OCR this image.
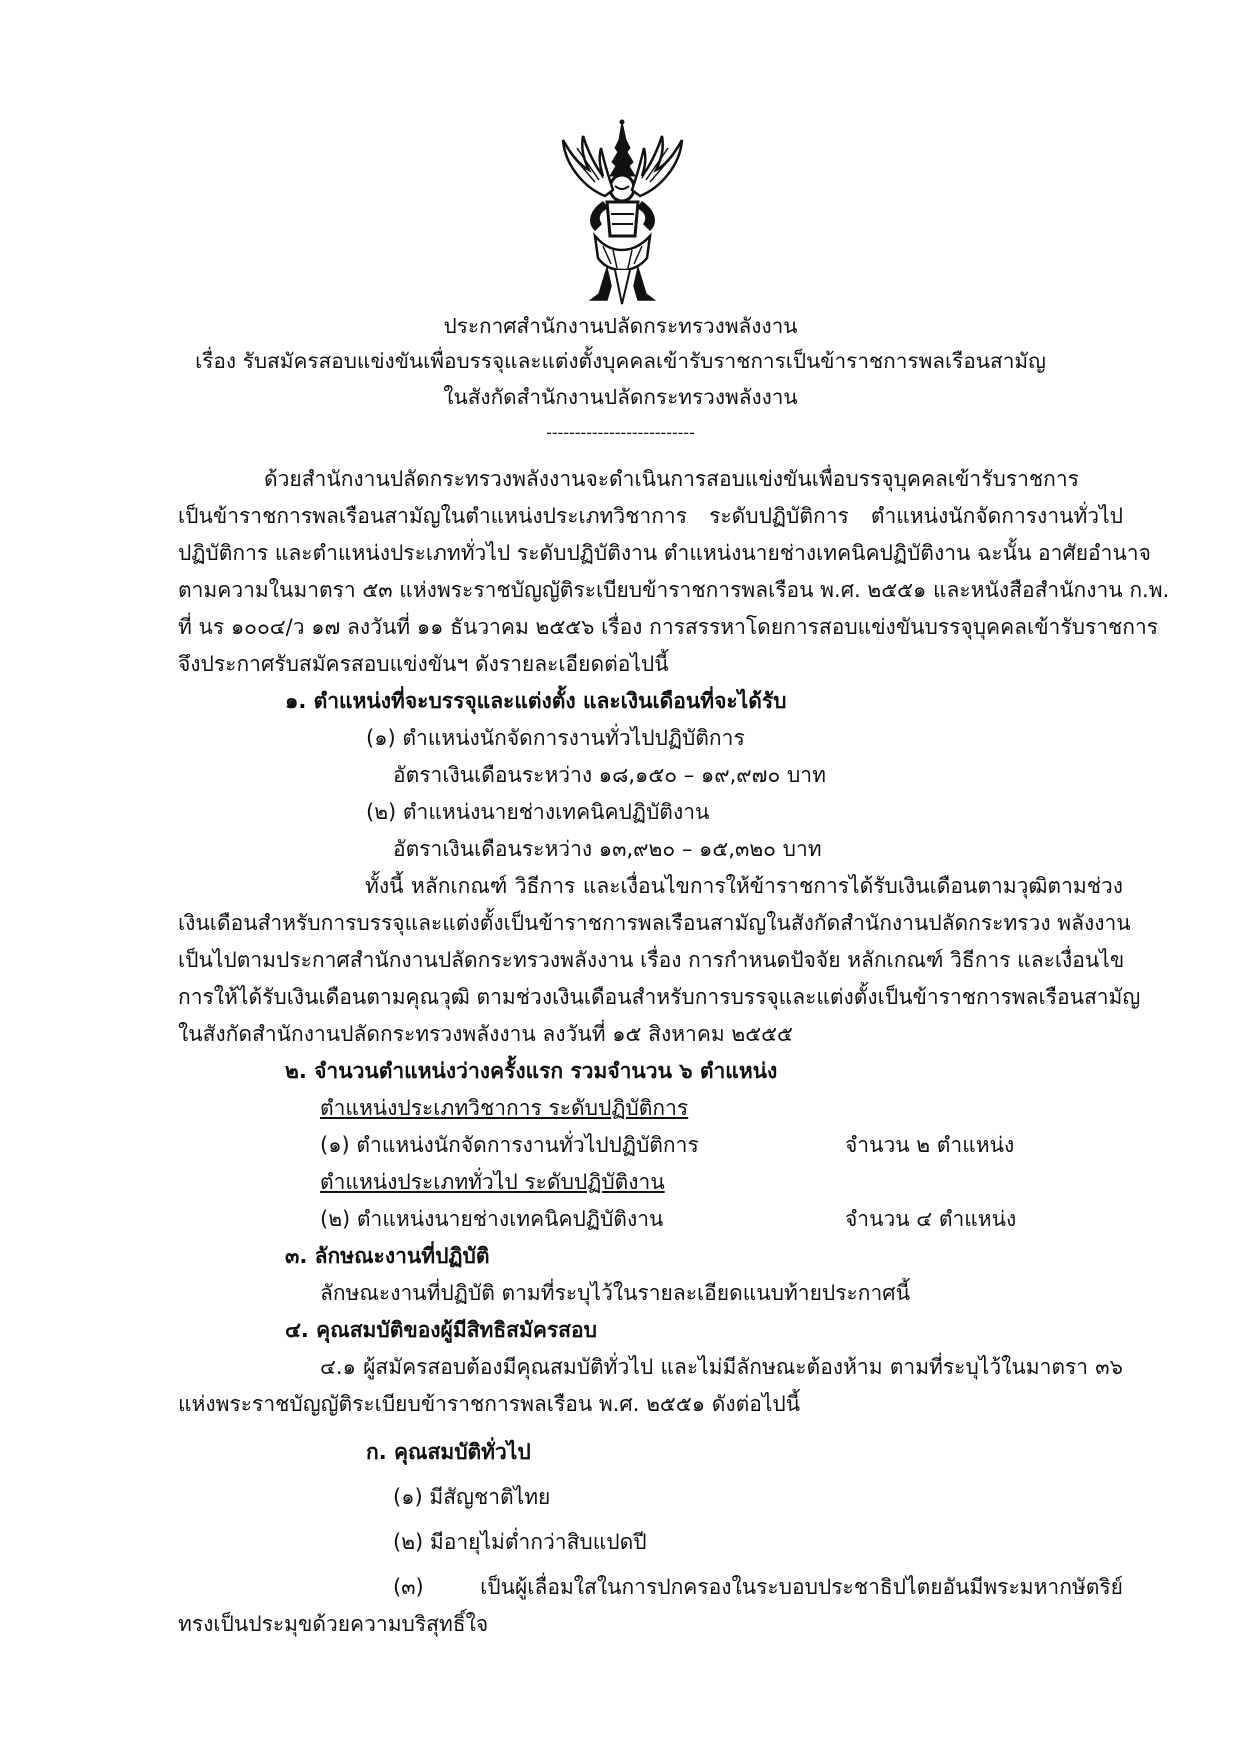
ประกาศสำนักงานปลัดกระทรวงพลังงาน
เรื่อง รับสมัครสอบแข่งขันเพื่อบรรจุและแต่งตั้งบุคคลเข้ารับราชการเป็นข้าราชการพลเรือนสามัญ
ในสังกัดสำนักงานปลัดกระทรวงพลังงาน
--------------------------
ด้วยสำนักงานปลัดกระทรวงพลังงานจะดำเนินการสอบแข่งขันเพื่อบรรจุบุคคลเข้ารับราชการ
เป็นข้าราชการพลเรือนสามัญในตำแหน่งประเภทวิชาการ ระดับปฏิบัติการ ตำแหน่งนักจัดการงานทั่วไป
ปฏิบัติการ และตำแหน่งประเภททั่วไป ระดับปฏิบัติงาน ตำแหน่งนายช่างเทคนิคปฏิบัติงาน ฉะนั้น อาศัยอำนาจ
ตามความในมาตรา ๕๓ แห่งพระราชบัญญัติระเบียบข้าราชการพลเรือน พ.ศ. ๒๕๕๑ และหนังสือสำนักงาน ก.พ.
ที่ นร ๑๐๐๔/ว ๑๗ ลงวันที่ ๑๑ ธันวาคม ๒๕๕๖ เรื่อง การสรรหาโดยการสอบแข่งขันบรรจุบุคคลเข้ารับราชการ
จึงประกาศรับสมัครสอบแข่งขันฯ ดังรายละเอียดต่อไปนี้
๑. ตำแหน่งที่จะบรรจุและแต่งตั้ง และเงินเดือนที่จะได้รับ
(๑) ตำแหน่งนักจัดการงานทั่วไปปฏิบัติการ
อัตราเงินเดือนระหว่าง ๑๘,๑๕๐ – ๑๙,๙๗๐ บาท
(๒) ตำแหน่งนายช่างเทคนิคปฏิบัติงาน
อัตราเงินเดือนระหว่าง ๑๓,๙๒๐ – ๑๕,๓๒๐ บาท
ทั้งนี้ หลักเกณฑ์ วิธีการ และเงื่อนไขการให้ข้าราชการได้รับเงินเดือนตามวุฒิตามช่วง
เงินเดือนสำหรับการบรรจุและแต่งตั้งเป็นข้าราชการพลเรือนสามัญในสังกัดสำนักงานปลัดกระทรวง พลังงาน
เป็นไปตามประกาศสำนักงานปลัดกระทรวงพลังงาน เรื่อง การกำหนดปัจจัย หลักเกณฑ์ วิธีการ และเงื่อนไข
การให้ได้รับเงินเดือนตามคุณวุฒิ ตามช่วงเงินเดือนสำหรับการบรรจุและแต่งตั้งเป็นข้าราชการพลเรือนสามัญ
ในสังกัดสำนักงานปลัดกระทรวงพลังงาน ลงวันที่ ๑๕ สิงหาคม ๒๕๕๕
๒. จำนวนตำแหน่งว่างครั้งแรก รวมจำนวน ๖ ตำแหน่ง
ตำแหน่งประเภทวิชาการ ระดับปฏิบัติการ
(๑) ตำแหน่งนักจัดการงานทั่วไปปฏิบัติการ	จำนวน ๒ ตำแหน่ง
ตำแหน่งประเภททั่วไป ระดับปฏิบัติงาน
(๒) ตำแหน่งนายช่างเทคนิคปฏิบัติงาน	จำนวน ๔ ตำแหน่ง
๓. ลักษณะงานที่ปฏิบัติ
ลักษณะงานที่ปฏิบัติ ตามที่ระบุไว้ในรายละเอียดแนบท้ายประกาศนี้
๔. คุณสมบัติของผู้มีสิทธิสมัครสอบ
๔.๑ ผู้สมัครสอบต้องมีคุณสมบัติทั่วไป และไม่มีลักษณะต้องห้าม ตามที่ระบุไว้ในมาตรา ๓๖
แห่งพระราชบัญญัติระเบียบข้าราชการพลเรือน พ.ศ. ๒๕๕๑ ดังต่อไปนี้
ก. คุณสมบัติทั่วไป
(๑) มีสัญชาติไทย
(๒) มีอายุไม่ต่ำกว่าสิบแปดปี
(๓) เป็นผู้เลื่อมใสในการปกครองในระบอบประชาธิปไตยอันมีพระมหากษัตริย์
ทรงเป็นประมุขด้วยความบริสุทธิ์ใจ
